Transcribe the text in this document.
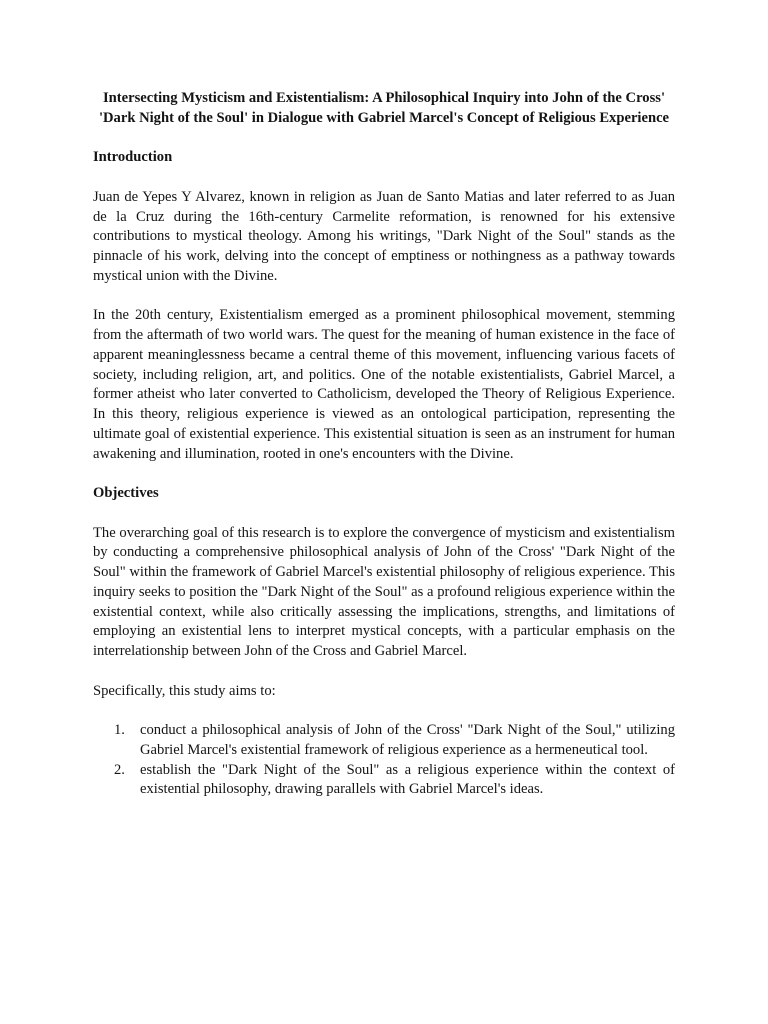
Intersecting Mysticism and Existentialism: A Philosophical Inquiry into John of the Cross' 'Dark Night of the Soul' in Dialogue with Gabriel Marcel's Concept of Religious Experience
Introduction

Juan de Yepes Y Alvarez, known in religion as Juan de Santo Matias and later referred to as Juan de la Cruz during the 16th-century Carmelite reformation, is renowned for his extensive contributions to mystical theology. Among his writings, "Dark Night of the Soul" stands as the pinnacle of his work, delving into the concept of emptiness or nothingness as a pathway towards mystical union with the Divine.

In the 20th century, Existentialism emerged as a prominent philosophical movement, stemming from the aftermath of two world wars. The quest for the meaning of human existence in the face of apparent meaninglessness became a central theme of this movement, influencing various facets of society, including religion, art, and politics. One of the notable existentialists, Gabriel Marcel, a former atheist who later converted to Catholicism, developed the Theory of Religious Experience. In this theory, religious experience is viewed as an ontological participation, representing the ultimate goal of existential experience. This existential situation is seen as an instrument for human awakening and illumination, rooted in one's encounters with the Divine.

Objectives

The overarching goal of this research is to explore the convergence of mysticism and existentialism by conducting a comprehensive philosophical analysis of John of the Cross' "Dark Night of the Soul" within the framework of Gabriel Marcel's existential philosophy of religious experience. This inquiry seeks to position the "Dark Night of the Soul" as a profound religious experience within the existential context, while also critically assessing the implications, strengths, and limitations of employing an existential lens to interpret mystical concepts, with a particular emphasis on the interrelationship between John of the Cross and Gabriel Marcel.

Specifically, this study aims to:

1. conduct a philosophical analysis of John of the Cross' "Dark Night of the Soul," utilizing Gabriel Marcel's existential framework of religious experience as a hermeneutical tool.
2. establish the "Dark Night of the Soul" as a religious experience within the context of existential philosophy, drawing parallels with Gabriel Marcel's ideas.
